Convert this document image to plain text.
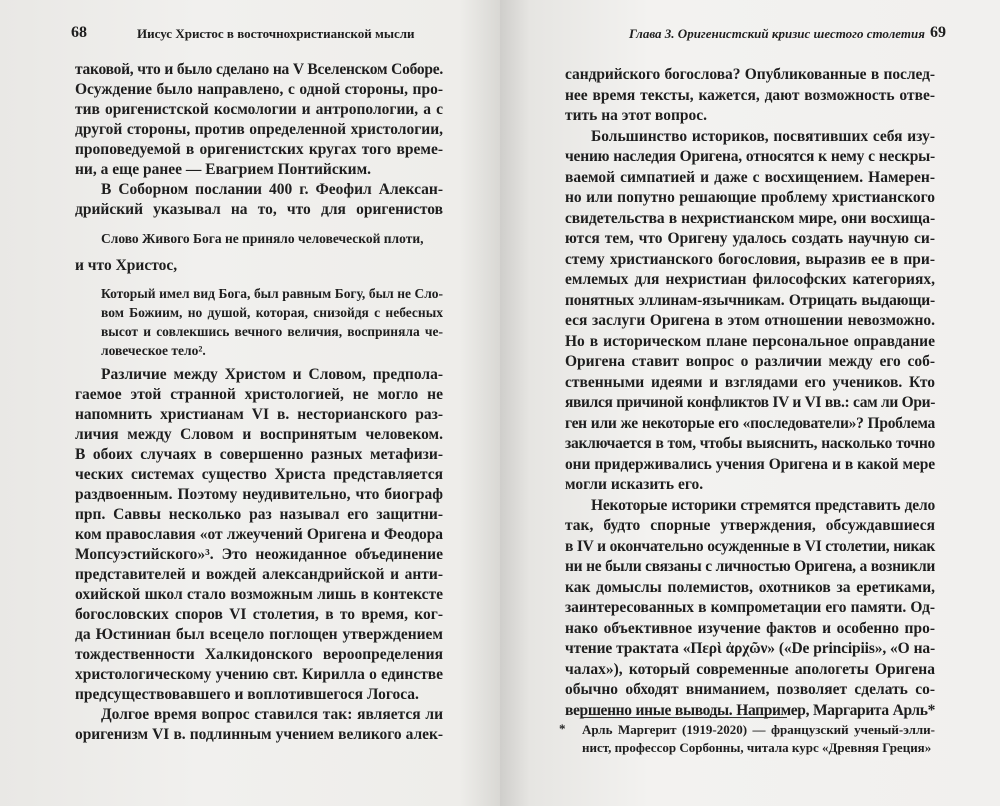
68	Иисус Христос в восточнохристианской мысли
таковой, что и было сделано на V Вселенском Соборе.
Осуждение было направлено, с одной стороны, про-
тив оригенистской космологии и антропологии, а с
другой стороны, против определенной христологии,
проповедуемой в оригенистских кругах того време-
ни, а еще ранее — Евагрием Понтийским.
В Соборном послании 400 г. Феофил Алексан-
дрийский указывал на то, что для оригенистов
Слово Живого Бога не приняло человеческой плоти,
и что Христос,
Который имел вид Бога, был равным Богу, был не Сло-
вом Божиим, но душой, которая, снизойдя с небесных
высот и совлекшись вечного величия, восприняла че-
ловеческое тело².
Различие между Христом и Словом, предпола-
гаемое этой странной христологией, не могло не
напомнить христианам VI в. несторианского раз-
личия между Словом и воспринятым человеком.
В обоих случаях в совершенно разных метафизи-
ческих системах существо Христа представляется
раздвоенным. Поэтому неудивительно, что биограф
прп. Саввы несколько раз называл его защитни-
ком православия «от лжеучений Оригена и Феодора
Мопсуэстийского»³. Это неожиданное объединение
представителей и вождей александрийской и анти-
охийской школ стало возможным лишь в контексте
богословских споров VI столетия, в то время, ког-
да Юстиниан был всецело поглощен утверждением
тождественности Халкидонского вероопределения
христологическому учению свт. Кирилла о единстве
предсуществовавшего и воплотившегося Логоса.
Долгое время вопрос ставился так: является ли
оригенизм VI в. подлинным учением великого алек-
Глава 3. Оригенистский кризис шестого столетия 69
сандрийского богослова? Опубликованные в послед-
нее время тексты, кажется, дают возможность отве-
тить на этот вопрос.
Большинство историков, посвятивших себя изу-
чению наследия Оригена, относятся к нему с нескры-
ваемой симпатией и даже с восхищением. Намерен-
но или попутно решающие проблему христианского
свидетельства в нехристианском мире, они восхища-
ются тем, что Оригену удалось создать научную си-
стему христианского богословия, выразив ее в при-
емлемых для нехристиан философских категориях,
понятных эллинам-язычникам. Отрицать выдающи-
еся заслуги Оригена в этом отношении невозможно.
Но в историческом плане персональное оправдание
Оригена ставит вопрос о различии между его соб-
ственными идеями и взглядами его учеников. Кто
явился причиной конфликтов IV и VI вв.: сам ли Ори-
ген или же некоторые его «последователи»? Проблема
заключается в том, чтобы выяснить, насколько точно
они придерживались учения Оригена и в какой мере
могли исказить его.
Некоторые историки стремятся представить дело
так, будто спорные утверждения, обсуждавшиеся
в IV и окончательно осужденные в VI столетии, никак
ни не были связаны с личностью Оригена, а возникли
как домыслы полемистов, охотников за еретиками,
заинтересованных в компрометации его памяти. Од-
нако объективное изучение фактов и особенно про-
чтение трактата «Περὶ ἀρχῶν» («De principiis», «О на-
чалах»), который современные апологеты Оригена
обычно обходят вниманием, позволяет сделать со-
вершенно иные выводы. Например, Маргарита Арль*
* Арль Маргерит (1919-2020) — французский ученый-элли-
нист, профессор Сорбонны, читала курс «Древняя Греция»
